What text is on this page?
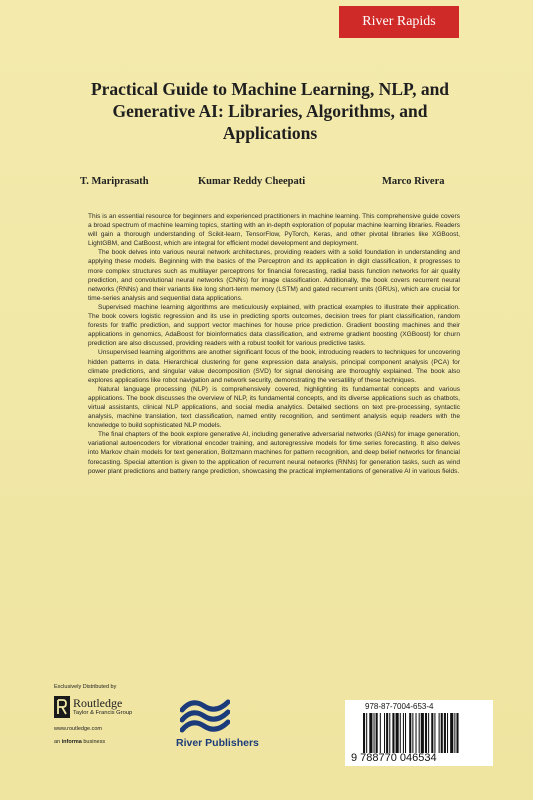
River Rapids
Practical Guide to Machine Learning, NLP, and Generative AI: Libraries, Algorithms, and Applications
T. Mariprasath	Kumar Reddy Cheepati	Marco Rivera

This is an essential resource for beginners and experienced practitioners in machine learning. This comprehensive guide covers a broad spectrum of machine learning topics, starting with an in-depth exploration of popular machine learning libraries. Readers will gain a thorough understanding of Scikit-learn, TensorFlow, PyTorch, Keras, and other pivotal libraries like XGBoost, LightGBM, and CatBoost, which are integral for efficient model development and deployment.

The book delves into various neural network architectures, providing readers with a solid foundation in understanding and applying these models. Beginning with the basics of the Perceptron and its application in digit classification, it progresses to more complex structures such as multilayer perceptrons for financial forecasting, radial basis function networks for air quality prediction, and convolutional neural networks (CNNs) for image classification. Additionally, the book covers recurrent neural networks (RNNs) and their variants like long short-term memory (LSTM) and gated recurrent units (GRUs), which are crucial for time-series analysis and sequential data applications.

Supervised machine learning algorithms are meticulously explained, with practical examples to illustrate their application. The book covers logistic regression and its use in predicting sports outcomes, decision trees for plant classification, random forests for traffic prediction, and support vector machines for house price prediction. Gradient boosting machines and their applications in genomics, AdaBoost for bioinformatics data classification, and extreme gradient boosting (XGBoost) for churn prediction are also discussed, providing readers with a robust toolkit for various predictive tasks.

Unsupervised learning algorithms are another significant focus of the book, introducing readers to techniques for uncovering hidden patterns in data. Hierarchical clustering for gene expression data analysis, principal component analysis (PCA) for climate predictions, and singular value decomposition (SVD) for signal denoising are thoroughly explained. The book also explores applications like robot navigation and network security, demonstrating the versatility of these techniques.

Natural language processing (NLP) is comprehensively covered, highlighting its fundamental concepts and various applications. The book discusses the overview of NLP, its fundamental concepts, and its diverse applications such as chatbots, virtual assistants, clinical NLP applications, and social media analytics. Detailed sections on text pre-processing, syntactic analysis, machine translation, text classification, named entity recognition, and sentiment analysis equip readers with the knowledge to build sophisticated NLP models.

The final chapters of the book explore generative AI, including generative adversarial networks (GANs) for image generation, variational autoencoders for vibrational encoder training, and autoregressive models for time series forecasting. It also delves into Markov chain models for text generation, Boltzmann machines for pattern recognition, and deep belief networks for financial forecasting. Special attention is given to the application of recurrent neural networks (RNNs) for generation tasks, such as wind power plant predictions and battery range prediction, showcasing the practical implementations of generative AI in various fields.

Exclusively Distributed by
Routledge
Taylor & Francis Group
www.routledge.com
an informa business	River Publishers
978-87-7004-653-4
9 788770 046534
